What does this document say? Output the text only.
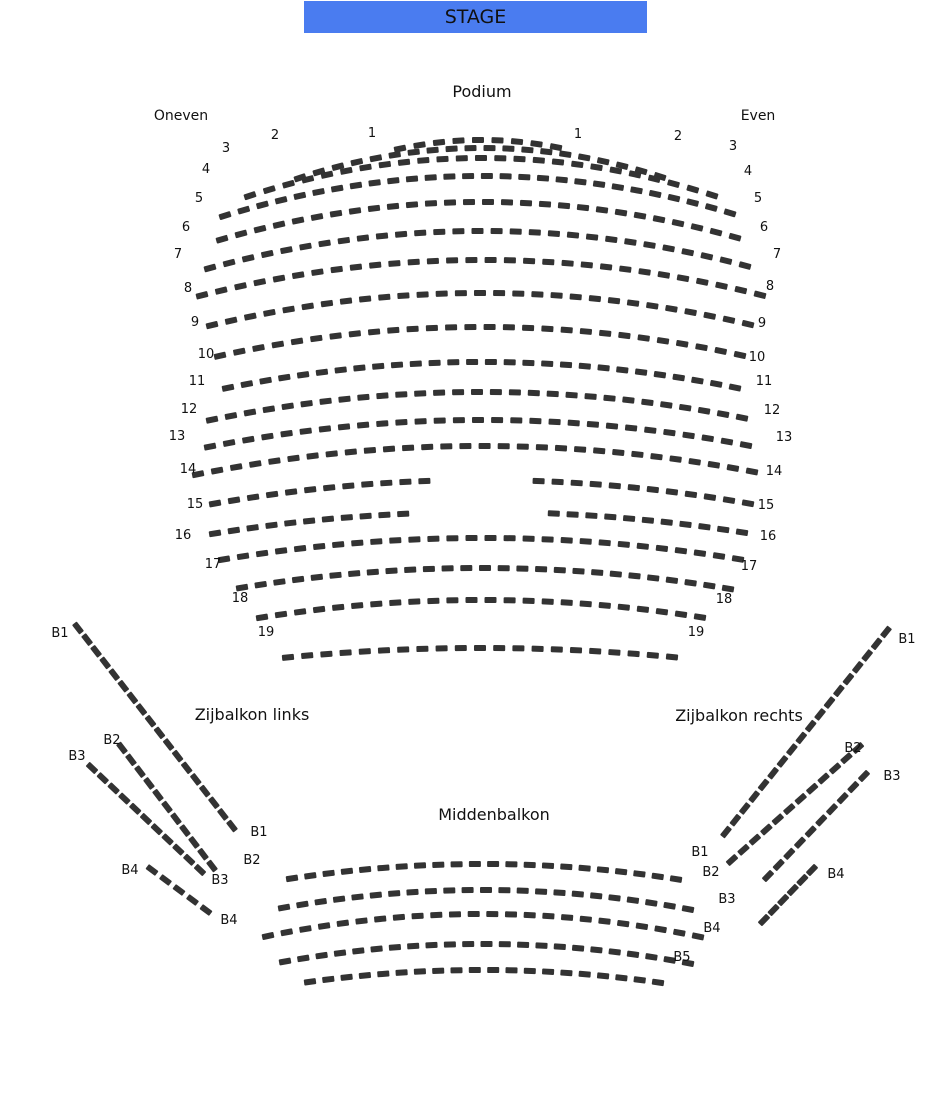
STAGE
Podium
Oneven	Even
Zijbalkon links	Zijbalkon rechts
Middenbalkon
1	1
2	2
3	3
4	4
5	5
6	6
7	7
8	8
9	9
10	10
11	11
12	12
13	13
14	14
15	15
16	16
17	17
18	18
19	19
B1
B1
B2
B2
B3
B3
B4
B4
B1
B2
B3
B4
B1
B2
B3
B4
B5
